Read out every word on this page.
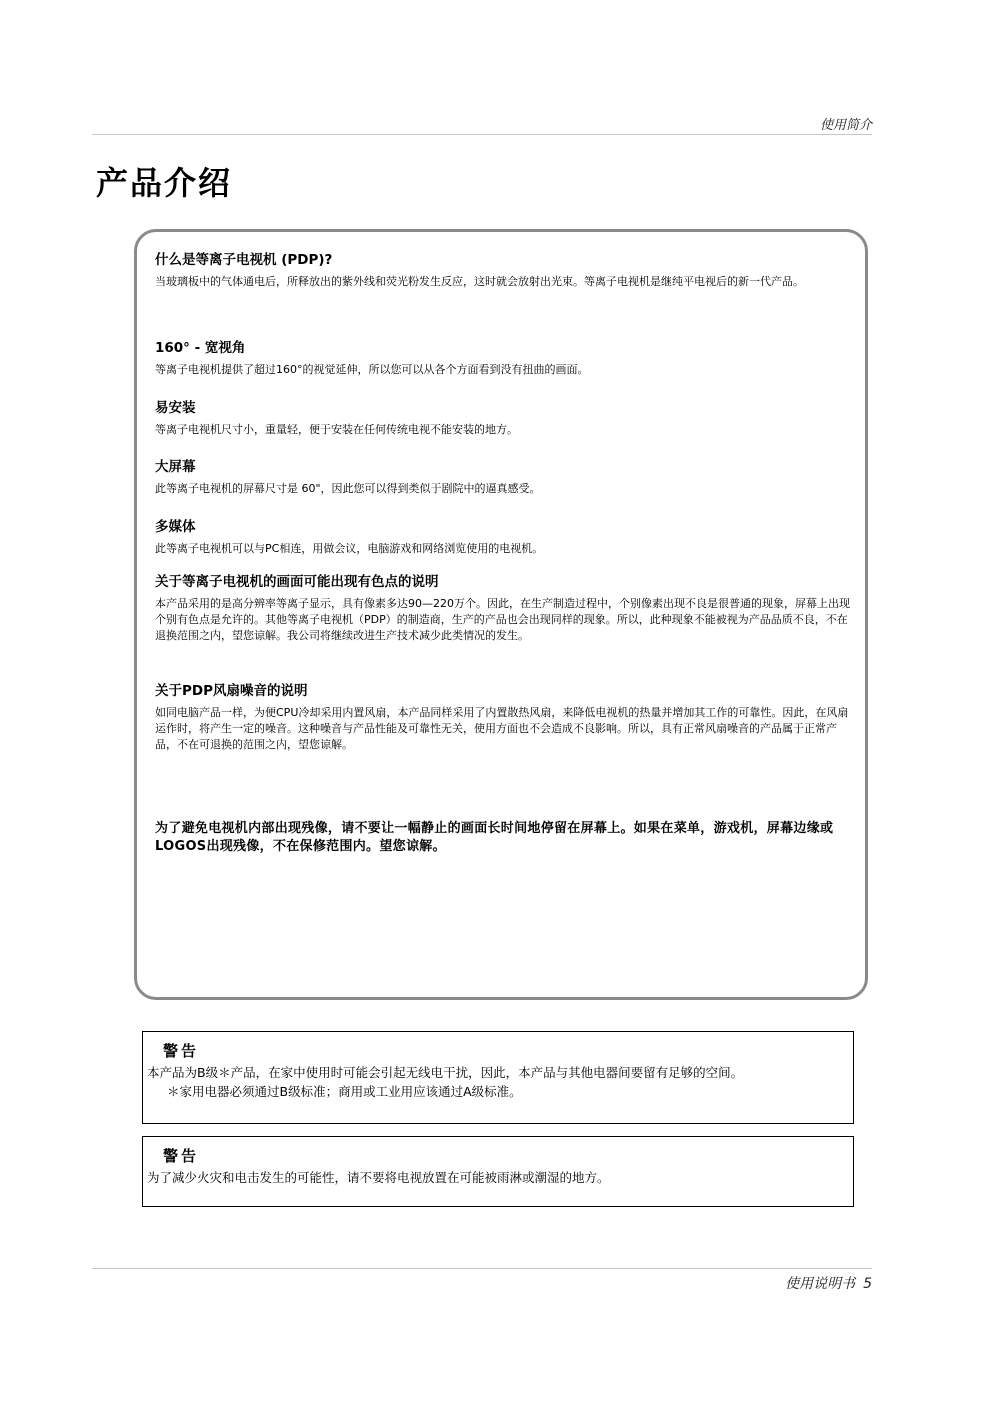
使用简介
产品介绍
什么是等离子电视机 (PDP)?

当玻璃板中的气体通电后，所释放出的紫外线和荧光粉发生反应，这时就会放射出光束。等离子电视机是继纯平电视后的新一代产品。

160° - 宽视角

等离子电视机提供了超过160°的视觉延伸，所以您可以从各个方面看到没有扭曲的画面。

易安装

等离子电视机尺寸小，重量轻，便于安装在任何传统电视不能安装的地方。

大屏幕

此等离子电视机的屏幕尺寸是 60"，因此您可以得到类似于剧院中的逼真感受。

多媒体

此等离子电视机可以与PC相连，用做会议，电脑游戏和网络浏览使用的电视机。

关于等离子电视机的画面可能出现有色点的说明

本产品采用的是高分辨率等离子显示，具有像素多达90—220万个。因此，在生产制造过程中，个别像素出现不良是很普通的现象，屏幕上出现个别有色点是允许的。其他等离子电视机（PDP）的制造商，生产的产品也会出现同样的现象。所以，此种现象不能被视为产品品质不良，不在退换范围之内，望您谅解。我公司将继续改进生产技术减少此类情况的发生。

关于PDP风扇噪音的说明

如同电脑产品一样，为便CPU冷却采用内置风扇，本产品同样采用了内置散热风扇，来降低电视机的热量并增加其工作的可靠性。因此，在风扇运作时，将产生一定的噪音。这种噪音与产品性能及可靠性无关，使用方面也不会造成不良影响。所以，具有正常风扇噪音的产品属于正常产品，不在可退换的范围之内，望您谅解。

为了避免电视机内部出现残像，请不要让一幅静止的画面长时间地停留在屏幕上。如果在菜单，游戏机，屏幕边缘或LOGOS出现残像，不在保修范围内。望您谅解。
警告

本产品为B级＊产品，在家中使用时可能会引起无线电干扰，因此，本产品与其他电器间要留有足够的空间。

＊家用电器必须通过B级标准；商用或工业用应该通过A级标准。

警告

为了减少火灾和电击发生的可能性，请不要将电视放置在可能被雨淋或潮湿的地方。

使用说明书 5
